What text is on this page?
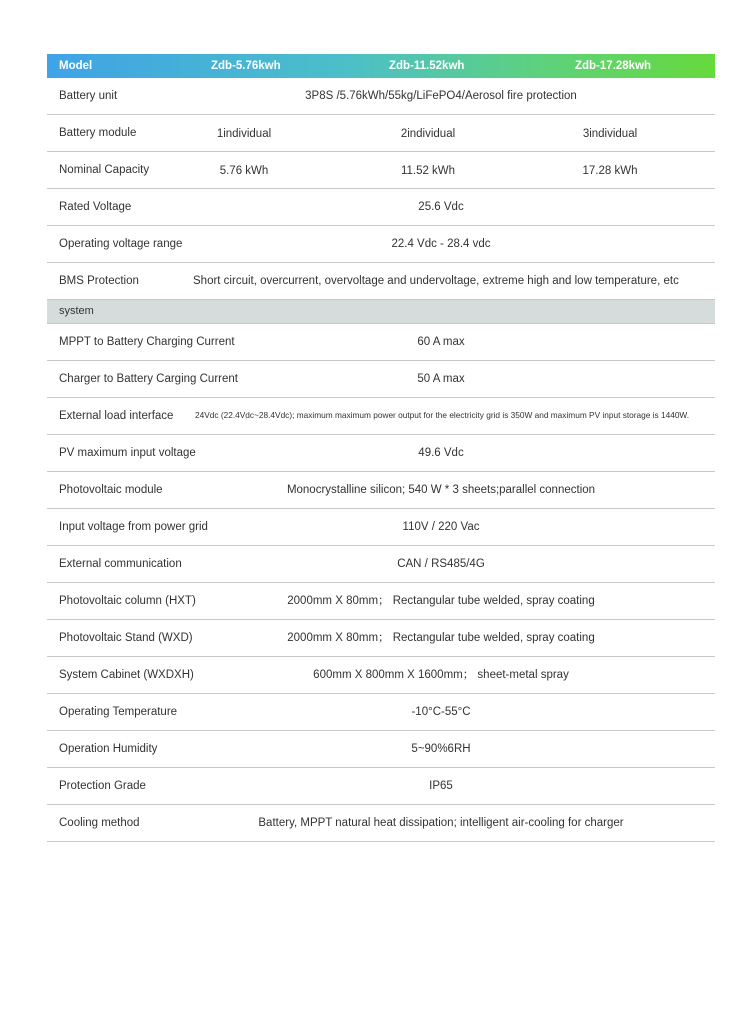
Model	Zdb-5.76kwh	Zdb-11.52kwh	Zdb-17.28kwh
Battery unit	3P8S /5.76kWh/55kg/LiFePO4/Aerosol fire protection
Battery module	1individual	2individual	3individual
Nominal Capacity	5.76 kWh	11.52 kWh	17.28 kWh
Rated Voltage	25.6 Vdc
Operating voltage range	22.4 Vdc - 28.4 vdc
BMS Protection	Short circuit, overcurrent, overvoltage and undervoltage, extreme high and low temperature, etc
system
MPPT to Battery Charging Current	60 A max
Charger to Battery Carging Current	50 A max
External load interface	24Vdc (22.4Vdc~28.4Vdc); maximum maximum power output for the electricity grid is 350W and maximum PV input storage is 1440W.
PV maximum input voltage	49.6 Vdc
Photovoltaic module	Monocrystalline silicon; 540 W * 3 sheets;parallel connection
Input voltage from power grid	110V / 220 Vac
External communication	CAN / RS485/4G
Photovoltaic column (HXT)	2000mm X 80mm； Rectangular tube welded, spray coating
Photovoltaic Stand (WXD)	2000mm X 80mm； Rectangular tube welded, spray coating
System Cabinet (WXDXH)	600mm X 800mm X 1600mm； sheet-metal spray
Operating Temperature	-10°C-55°C
Operation Humidity	5~90%6RH
Protection Grade	IP65
Cooling method	Battery, MPPT natural heat dissipation; intelligent air-cooling for charger
